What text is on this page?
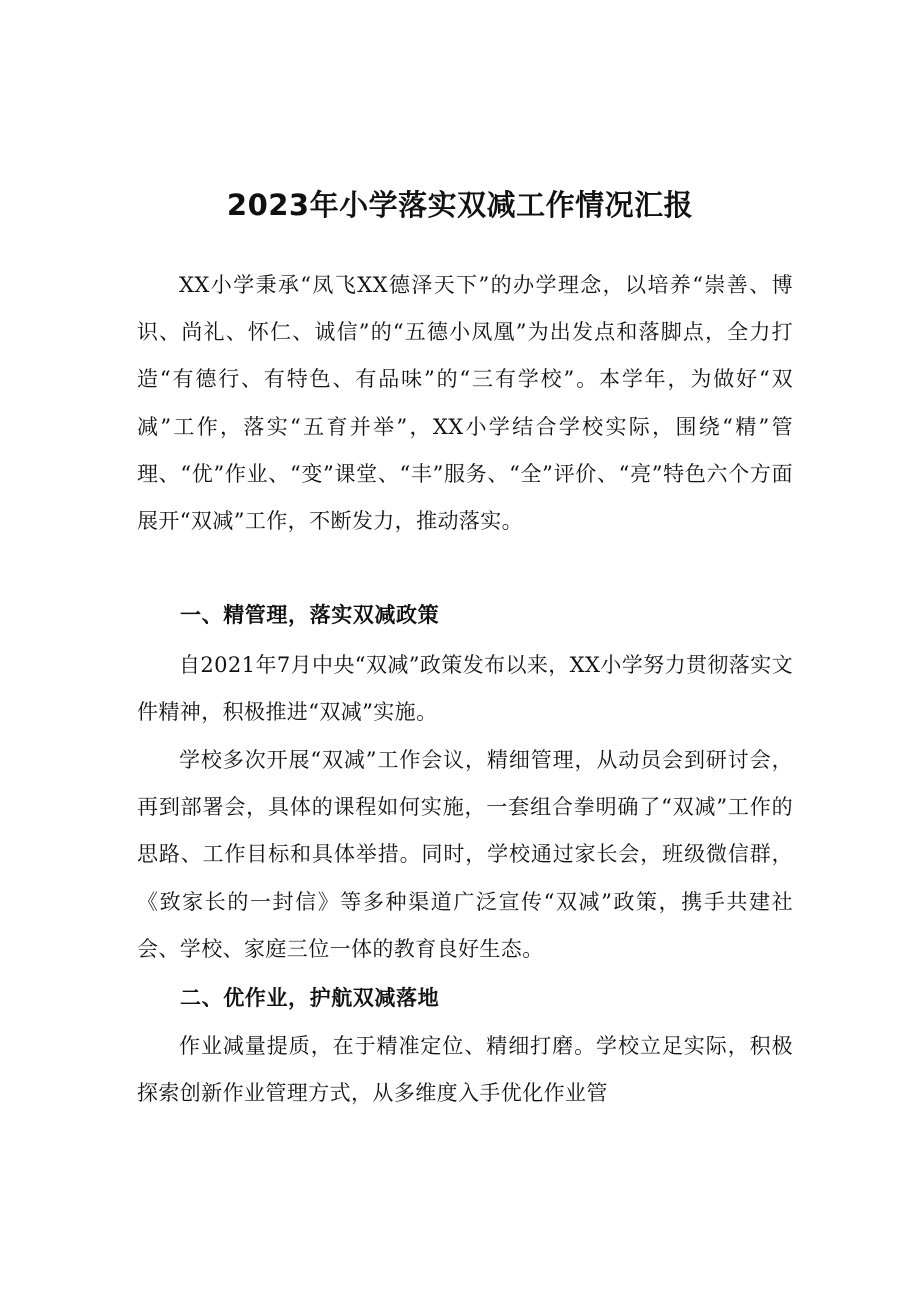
2023年小学落实双减工作情况汇报

XX小学秉承“凤飞XX德泽天下”的办学理念，以培养“崇善、博识、尚礼、怀仁、诚信”的“五德小凤凰”为出发点和落脚点，全力打造“有德行、有特色、有品味”的“三有学校”。本学年，为做好“双减”工作，落实“五育并举”，XX小学结合学校实际，围绕“精”管理、“优”作业、“变”课堂、“丰”服务、“全”评价、“亮”特色六个方面展开“双减”工作，不断发力，推动落实。

一、精管理，落实双减政策

自2021年7月中央“双减”政策发布以来，XX小学努力贯彻落实文件精神，积极推进“双减”实施。

学校多次开展“双减”工作会议，精细管理，从动员会到研讨会，再到部署会，具体的课程如何实施，一套组合拳明确了“双减”工作的思路、工作目标和具体举措。同时，学校通过家长会，班级微信群，《致家长的一封信》等多种渠道广泛宣传“双减”政策，携手共建社会、学校、家庭三位一体的教育良好生态。

二、优作业，护航双减落地

作业减量提质，在于精准定位、精细打磨。学校立足实际，积极探索创新作业管理方式，从多维度入手优化作业管
